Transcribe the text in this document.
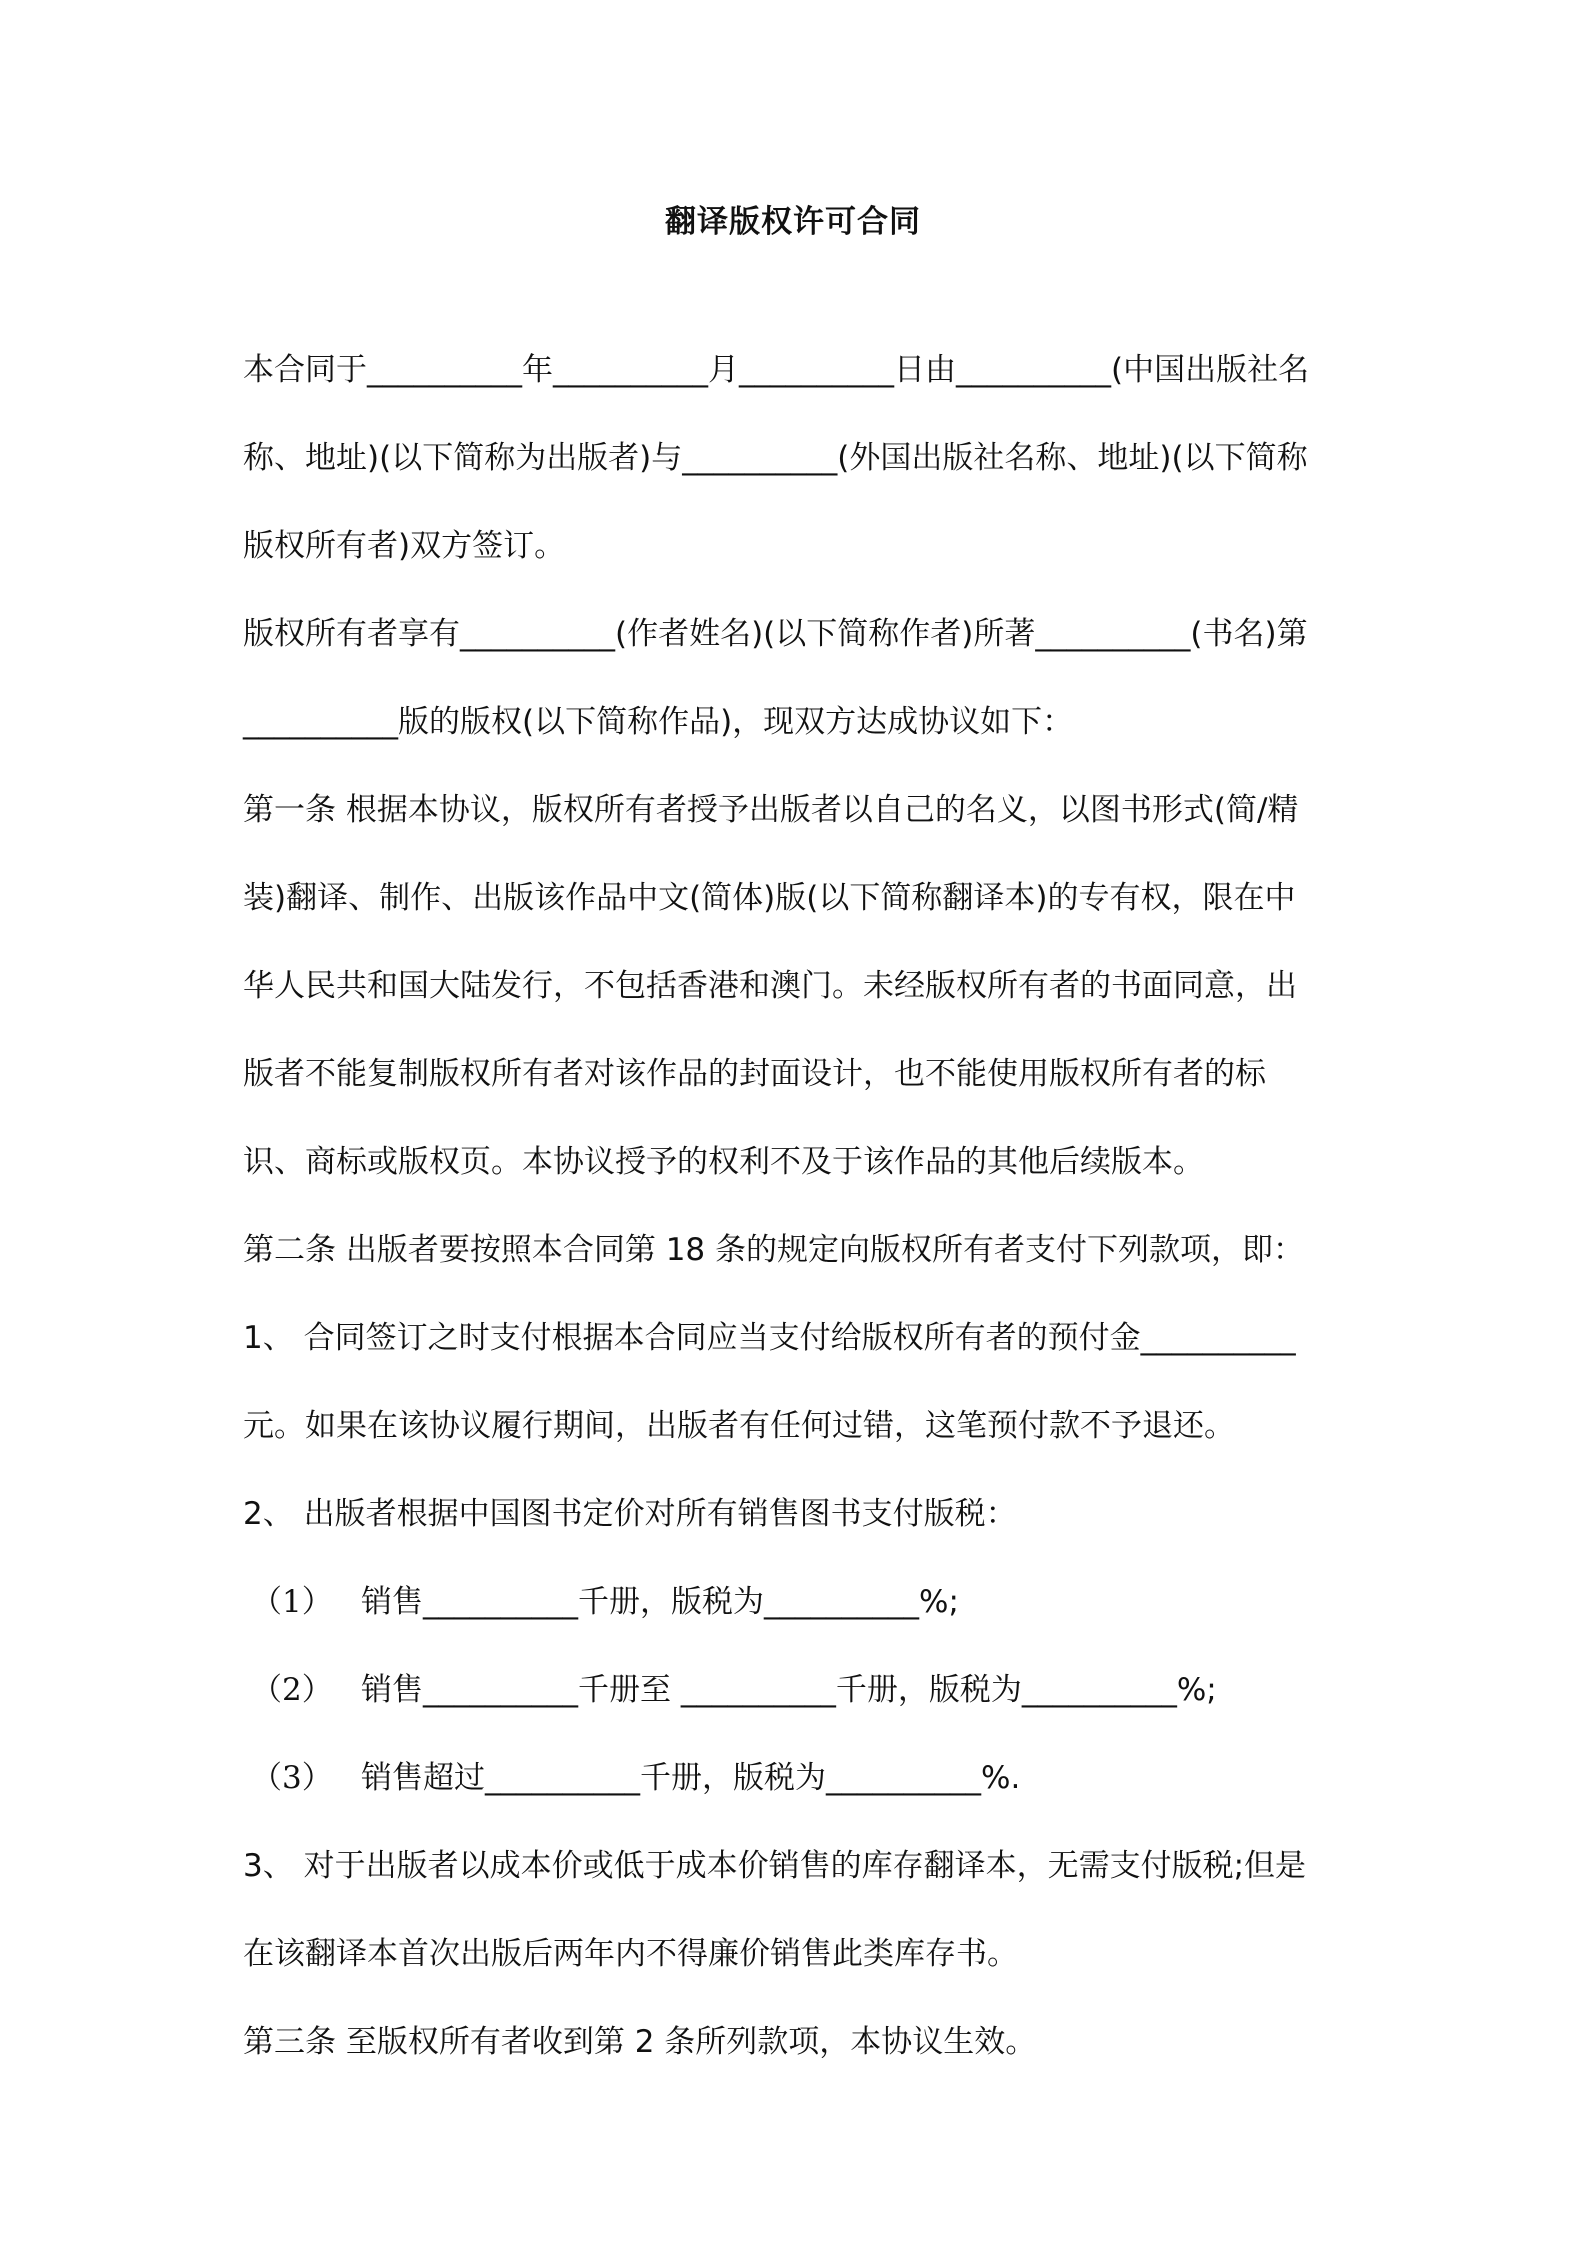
翻译版权许可合同
本合同于__________年__________月__________日由__________(中国出版社名
称、地址)(以下简称为出版者)与__________(外国出版社名称、地址)(以下简称
版权所有者)双方签订。
版权所有者享有__________(作者姓名)(以下简称作者)所著__________(书名)第
__________版的版权(以下简称作品)，现双方达成协议如下：
第一条 根据本协议，版权所有者授予出版者以自己的名义，以图书形式(简/精
装)翻译、制作、出版该作品中文(简体)版(以下简称翻译本)的专有权，限在中
华人民共和国大陆发行，不包括香港和澳门。未经版权所有者的书面同意，出
版者不能复制版权所有者对该作品的封面设计，也不能使用版权所有者的标
识、商标或版权页。本协议授予的权利不及于该作品的其他后续版本。
第二条 出版者要按照本合同第 18 条的规定向版权所有者支付下列款项，即：
1、 合同签订之时支付根据本合同应当支付给版权所有者的预付金__________
元。如果在该协议履行期间，出版者有任何过错，这笔预付款不予退还。
2、 出版者根据中国图书定价对所有销售图书支付版税：
（1） 销售__________千册，版税为__________%;
（2） 销售__________千册至 __________千册，版税为__________%;
（3） 销售超过__________千册，版税为__________%.
3、 对于出版者以成本价或低于成本价销售的库存翻译本，无需支付版税;但是
在该翻译本首次出版后两年内不得廉价销售此类库存书。
第三条 至版权所有者收到第 2 条所列款项，本协议生效。
